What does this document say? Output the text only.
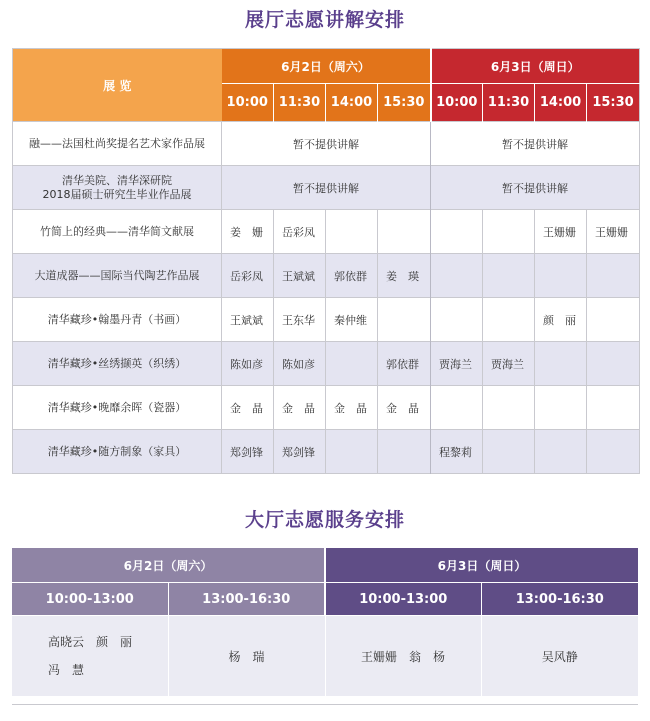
展厅志愿讲解安排
展 览	6月2日（周六）				6月3日（周日）			
	10:00	11:30	14:00	15:30	10:00	11:30	14:00	15:30
融——法国杜尚奖提名艺术家作品展	暂不提供讲解				暂不提供讲解			

清华美院、清华深研院
2018届硕士研究生毕业作品展	暂不提供讲解				暂不提供讲解			
竹简上的经典——清华简文献展	姜　姗	岳彩凤					王姗姗	王姗姗
大道成器——国际当代陶艺作品展	岳彩凤	王斌斌	郭依群	姜　瑛				
清华藏珍•翰墨丹青（书画）	王斌斌	王东华	秦仲维				颜　丽	
清华藏珍•丝绣撷英（织绣）	陈如彦	陈如彦		郭依群	贾海兰	贾海兰		
清华藏珍•晚靡余晖（瓷器）	金　晶	金　晶	金　晶	金　晶				
清华藏珍•随方制象（家具）	郑剑锋	郑剑锋			程黎莉			
大厅志愿服务安排
6月2日（周六）		6月3日（周日）	
10:00-13:00	13:00-16:30	10:00-13:00	13:00-16:30

高晓云　颜　丽
冯　慧	杨　瑞	王姗姗　翁　杨	吴风静
